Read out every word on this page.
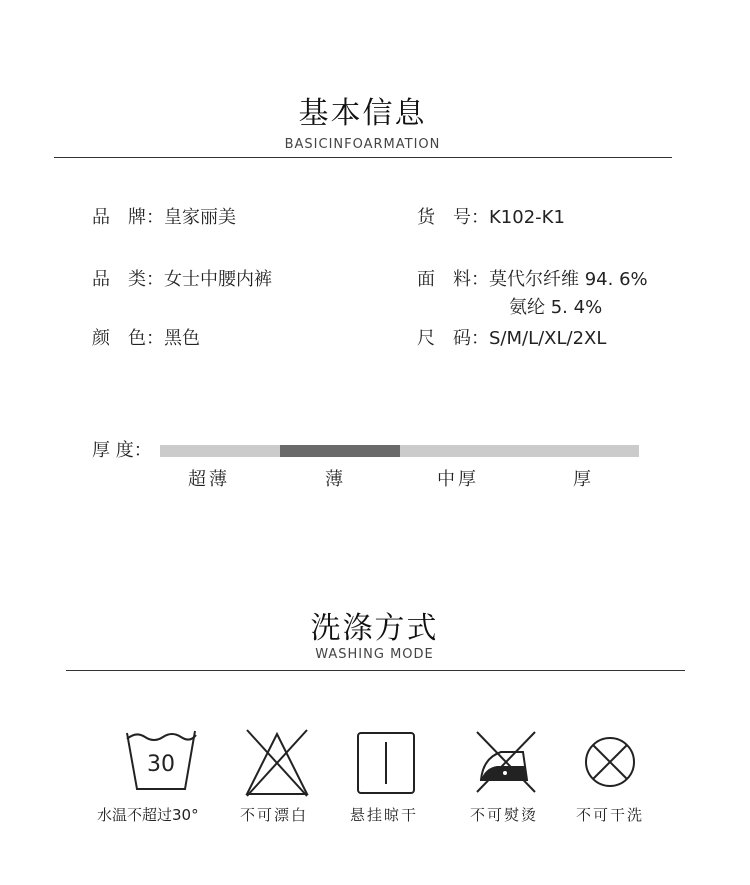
基本信息
BASICINFOARMATION
品　牌：皇家丽美	货　号：K102-K1
品　类：女士中腰内裤	面　料：莫代尔纤维 94. 6%
氨纶 5. 4%
颜　色：黑色	尺　码：S/M/L/XL/2XL
厚 度：
超薄	薄	中厚	厚
洗涤方式
WASHING MODE
30
水温不超过30°	不可漂白	悬挂晾干	不可熨烫	不可干洗
